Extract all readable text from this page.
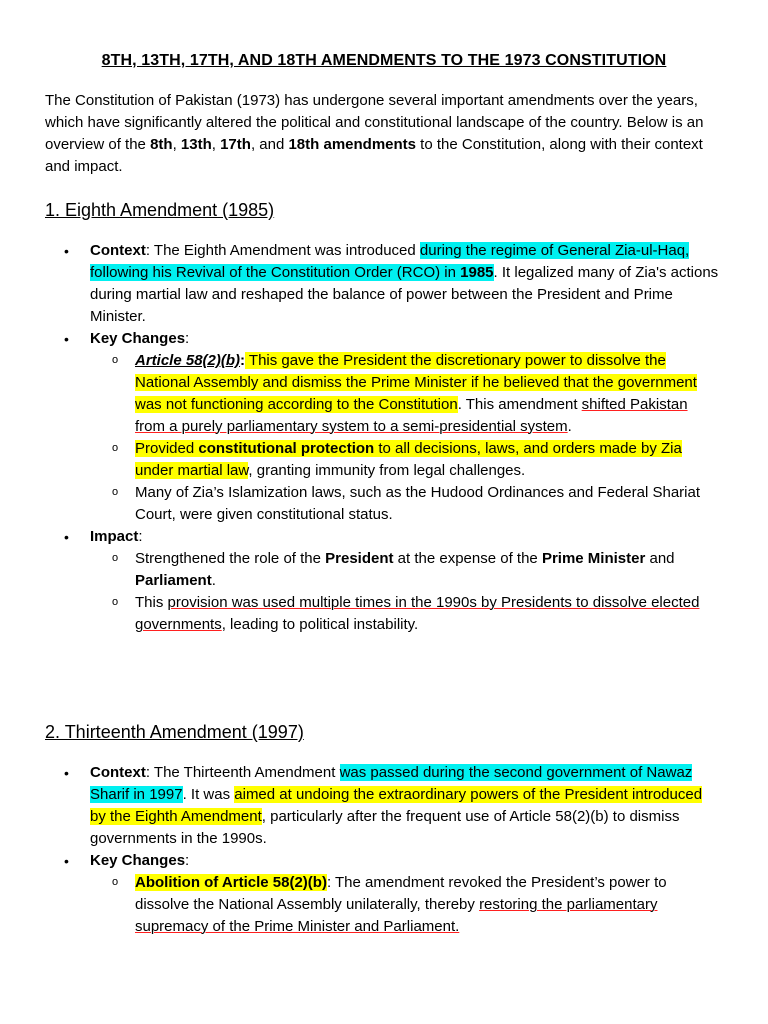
8TH, 13TH, 17TH, AND 18TH AMENDMENTS TO THE 1973 CONSTITUTION

The Constitution of Pakistan (1973) has undergone several important amendments over the years, which have significantly altered the political and constitutional landscape of the country. Below is an overview of the 8th, 13th, 17th, and 18th amendments to the Constitution, along with their context and impact.

1. Eighth Amendment (1985)
• Context: The Eighth Amendment was introduced during the regime of General Zia-ul-Haq, following his Revival of the Constitution Order (RCO) in 1985. It legalized many of Zia's actions during martial law and reshaped the balance of power between the President and Prime Minister.
• Key Changes:
o Article 58(2)(b): This gave the President the discretionary power to dissolve the National Assembly and dismiss the Prime Minister if he believed that the government was not functioning according to the Constitution. This amendment shifted Pakistan from a purely parliamentary system to a semi-presidential system.
o Provided constitutional protection to all decisions, laws, and orders made by Zia under martial law, granting immunity from legal challenges.
o Many of Zia’s Islamization laws, such as the Hudood Ordinances and Federal Shariat Court, were given constitutional status.
• Impact:
o Strengthened the role of the President at the expense of the Prime Minister and Parliament.
o This provision was used multiple times in the 1990s by Presidents to dissolve elected governments, leading to political instability.
2. Thirteenth Amendment (1997)
• Context: The Thirteenth Amendment was passed during the second government of Nawaz Sharif in 1997. It was aimed at undoing the extraordinary powers of the President introduced by the Eighth Amendment, particularly after the frequent use of Article 58(2)(b) to dismiss governments in the 1990s.
• Key Changes:
o Abolition of Article 58(2)(b): The amendment revoked the President’s power to dissolve the National Assembly unilaterally, thereby restoring the parliamentary supremacy of the Prime Minister and Parliament.
